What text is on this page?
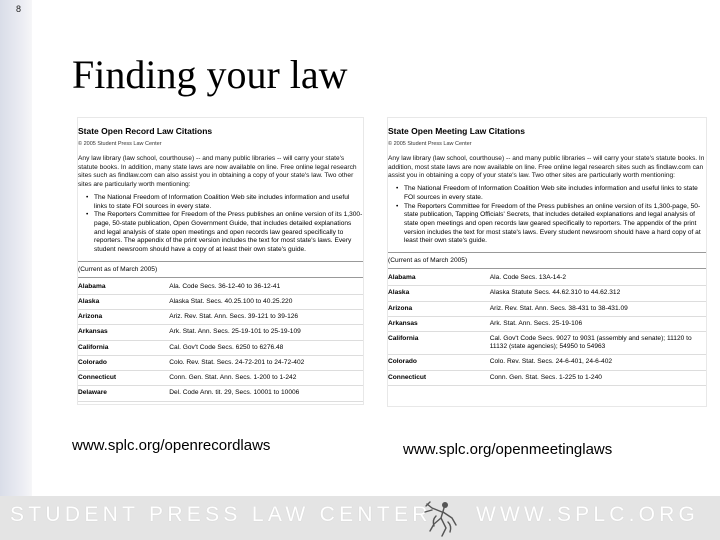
8
Finding your law
State Open Record Law Citations
© 2005 Student Press Law Center

Any law library (law school, courthouse) -- and many public libraries -- will carry your state's statute books. In addition, many state laws are now available on line. Free online legal research sites such as findlaw.com can also assist you in obtaining a copy of your state's law. Two other sites are particularly worth mentioning:

• The National Freedom of Information Coalition Web site includes information and useful links to state FOI sources in every state.
• The Reporters Committee for Freedom of the Press publishes an online version of its 1,300-page, 50-state publication, Open Government Guide, that includes detailed explanations and legal analysis of state open meetings and open records law geared specifically to reporters. The appendix of the print version includes the text for most state's laws. Every student newsroom should have a copy of at least their own state's guide.
(Current as of March 2005)
Alabama	Ala. Code Secs. 36-12-40 to 36-12-41
Alaska	Alaska Stat. Secs. 40.25.100 to 40.25.220
Arizona	Ariz. Rev. Stat. Ann. Secs. 39-121 to 39-126
Arkansas	Ark. Stat. Ann. Secs. 25-19-101 to 25-19-109
California	Cal. Gov't Code Secs. 6250 to 6276.48
Colorado	Colo. Rev. Stat. Secs. 24-72-201 to 24-72-402
Connecticut	Conn. Gen. Stat. Ann. Secs. 1-200 to 1-242
Delaware	Del. Code Ann. tit. 29, Secs. 10001 to 10006
State Open Meeting Law Citations
© 2005 Student Press Law Center

Any law library (law school, courthouse) -- and many public libraries -- will carry your state's statute books. In addition, most state laws are now available on line. Free online legal research sites such as findlaw.com can assist you in obtaining a copy of your state's law. Two other sites are particularly worth mentioning:

• The National Freedom of Information Coalition Web site includes information and useful links to state FOI sources in every state.
• The Reporters Committee for Freedom of the Press publishes an online version of its 1,300-page, 50-state publication, Tapping Officials' Secrets, that includes detailed explanations and legal analysis of state open meetings and open records law geared specifically to reporters. The appendix of the print version includes the text for most state's laws. Every student newsroom should have a hard copy of at least their own state's guide.
(Current as of March 2005)
Alabama	Ala. Code Secs. 13A-14-2
Alaska	Alaska Statute Secs. 44.62.310 to 44.62.312
Arizona	Ariz. Rev. Stat. Ann. Secs. 38-431 to 38-431.09
Arkansas	Ark. Stat. Ann. Secs. 25-19-106
California	Cal. Gov't Code Secs. 9027 to 9031 (assembly and senate); 11120 to 11132 (state agencies); 54950 to 54963
Colorado	Colo. Rev. Stat. Secs. 24-6-401, 24-6-402
Connecticut	Conn. Gen. Stat. Secs. 1-225 to 1-240
www.splc.org/openrecordlaws	www.splc.org/openmeetinglaws
STUDENT PRESS LAW CENTER WWW.SPLC.ORG
